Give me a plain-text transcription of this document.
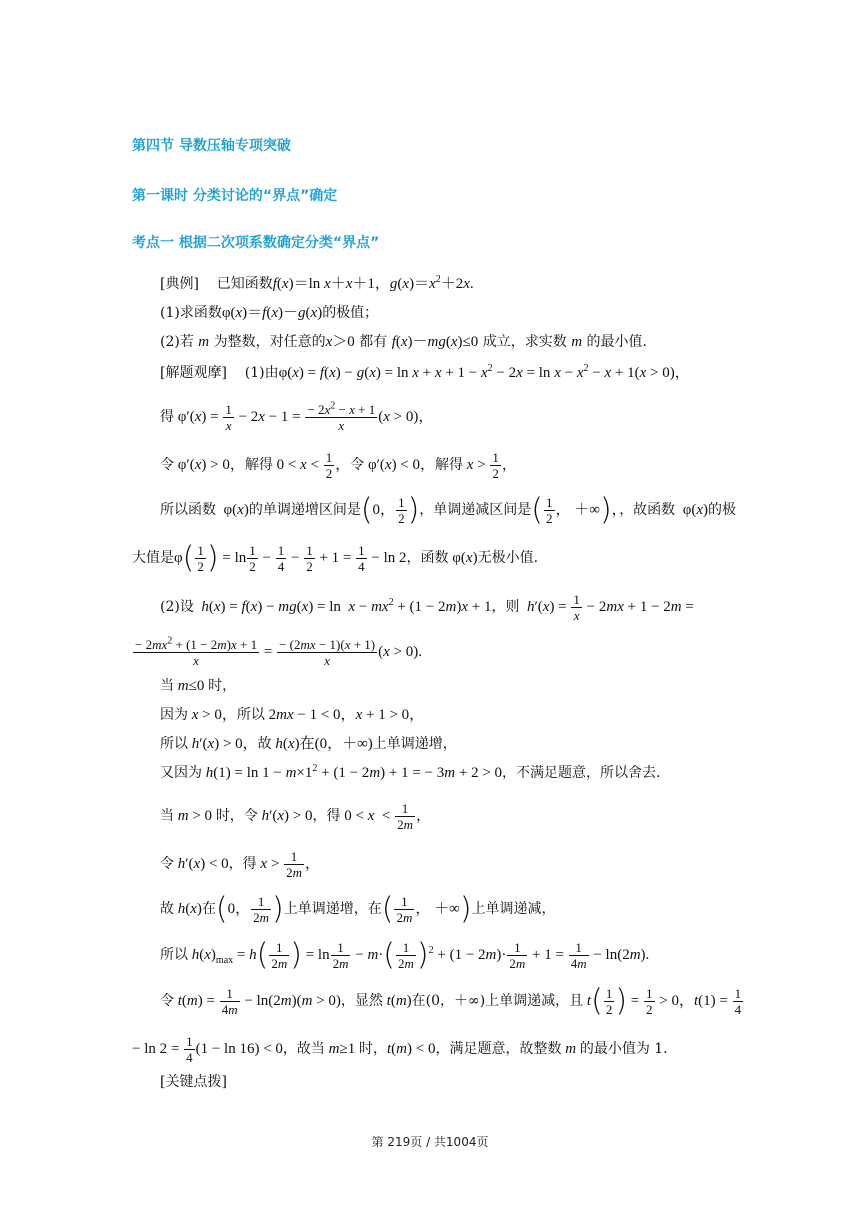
第四节 导数压轴专项突破
第一课时 分类讨论的“界点”确定
考点一 根据二次项系数确定分类“界点”
[典例] 已知函数f(x)＝ln x＋x＋1，$g(x)=x^2+2x$.
(1)求函数φ(x)＝f(x)－g(x)的极值；
(2)若 m 为整数，对任意的x＞0 都有 f(x)－mg(x)≤0 成立，求实数 m 的最小值.
[解题观摩] (1)由$\varphi(x) = f(x) - g(x) = \ln x + x + 1 - x^2 - 2x = \ln x - x^2 - x + 1(x > 0)$，
得 $\varphi'(x) = \frac{1}{x} - 2x - 1 = \frac{- 2x^2 - x + 1}{x} (x > 0)$，
令 φ′(x) > 0，解得 $0 < x < \frac{1}{2}$ ，令 φ′(x) < 0，解得 $x > \frac{1}{2}$ ，
所以函数  φ(x)的单调递增区间是(0， $\frac{1}{2}$ )，单调递减区间是( $\frac{1}{2}$ ， ＋∞)，，故函数  φ(x)的极
大值是$\varphi( \frac{1}{2}$ ) = $\ln \frac{1}{2} - \frac{1}{4} - \frac{1}{2} + 1 = \frac{1}{4} - \ln 2$，函数 φ(x)无极小值.
(2)设 $h(x) = f(x) - mg(x) = \ln x - mx^2 + (1 - 2m)x + 1$，则 $h'(x) = \frac{1}{x} - 2mx + 1 - 2m$ =
$\frac{- 2mx^2 + (1 - 2m)x + 1}{x} = \frac{- (2mx - 1)(x + 1)}{x} (x > 0)$.
当 m≤0 时，
因为 x > 0，所以 2mx − 1 < 0，x + 1 > 0，
所以 h′(x) > 0，故 h(x)在(0，＋∞)上单调递增，
又因为 $h(1) = \ln 1 - m\times 1^2 + (1 - 2m) + 1$ = − 3m + 2 > 0，不满足题意，所以舍去.
当 m > 0 时，令 h′(x) > 0，得 $0 < x < \frac{1}{2m}$ ，
令 h′(x) < 0，得 $x > \frac{1}{2m}$ ，
故 h(x)在(0， $\frac{1}{2m}$ )上单调递增，在( $\frac{1}{2m}$ ， ＋∞)上单调递减，
所以 $h(x)_{max} = h( \frac{1}{2m}$ ) = $\ln \frac{1}{2m} - m\cdot( \frac{1}{2m} )^2 + (1 - 2m)\cdot \frac{1}{2m} + 1 = \frac{1}{4m} - \ln(2m)$.
令 $t(m) = \frac{1}{4m} - \ln(2m)(m > 0)$，显然 t(m)在(0，＋∞)上单调递减，且 $t( \frac{1}{2}$ ) = $\frac{1}{2} > 0$，$t(1) = \frac{1}{4}$
− $\ln 2 = \frac{1}{4} (1 - \ln 16) < 0$，故当 m≥1 时，t(m) < 0，满足题意，故整数 m 的最小值为 1.
[关键点拨]
第 219页 / 共1004页
